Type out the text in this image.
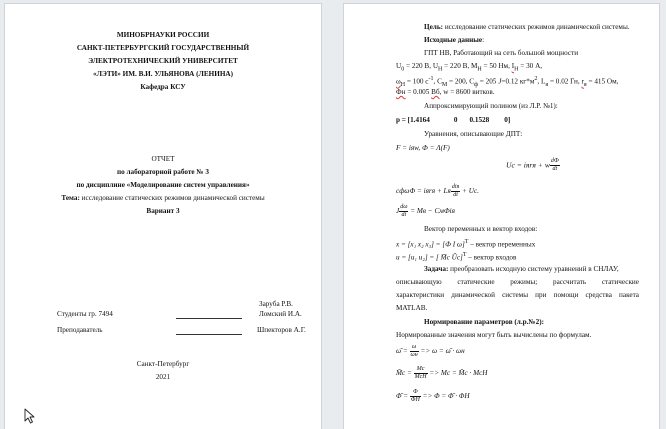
МИНОБРНАУКИ РОССИИ
САНКТ-ПЕТЕРБУРГСКИЙ ГОСУДАРСТВЕННЫЙ
ЭЛЕКТРОТЕХНИЧЕСКИЙ УНИВЕРСИТЕТ
«ЛЭТИ» ИМ. В.И. УЛЬЯНОВА (ЛЕНИНА)
Кафедра КСУ
ОТЧЕТ
по лабораторной работе № 3
по дисциплине «Моделирование систем управления»
Тема: исследование статических режимов динамической системы
Вариант 3
Студенты гр. 7494
Заруба Р.В.
Ломский И.А.
Преподаватель	Шпекторов А.Г.
Санкт-Петербург
2021
Цель: исследование статических режимов динамической системы.
Исходные данные:
ГПТ НВ, Работающий на сеть большой мощности
$U_0 = 220$ В, $U_H = 220$ В, $M_H = 50$ Нм, $I_H = 30$ А,
$\omega_H = 100$ $c^{-1}$, $C_M = 200$, $C_ф = 205$ J=0.12 $кг*м^2$, $L_я = 0.02$ Гн, $r_я = 415$ Ом,
Фн = 0.005 Вб, w = 8600 витков.
Аппроксимирующий полином (из Л.Р. №1):
p = [1.4164	0 0.1528 0]
Уравнения, описывающие ДПТ:
F = iяw, Ф = Λ(F)
Uc = iяrя + w $\frac{dФ}{dt}$
cфωФ = iяrя + Lя $\frac{\text{diя}}{dt} + Uc$.
J $\frac{d\omega}{dt}$ = Mв − CмФiя
Вектор переменных и вектор входов:
x = [x₁ x₂ x₃] = [Ф I ω]$^T$ – вектор переменных
u = [u₁ u₂] = [ M̄c Ūc]$^T$ – вектор входов
Задача: преобразовать исходную систему уравнений в СНЛАУ,
описывающую статические режимы; рассчитать статические
характеристики динамической системы при помощи средства пакета
MATLAB.
Нормирование параметров (л.р.№2):
Нормированные значения могут быть вычислены по формулам.
ω̄ = $\frac{\omega}{\omega н} => \omega$ = ω̄ · ωн
M̄c = $\frac{Mc}{\text{McH}} => Mc$ = M̄c · McH
Φ̄ = $\frac{\Phi}{\Phi H} => \Phi$ = Φ̄ · ΦH
